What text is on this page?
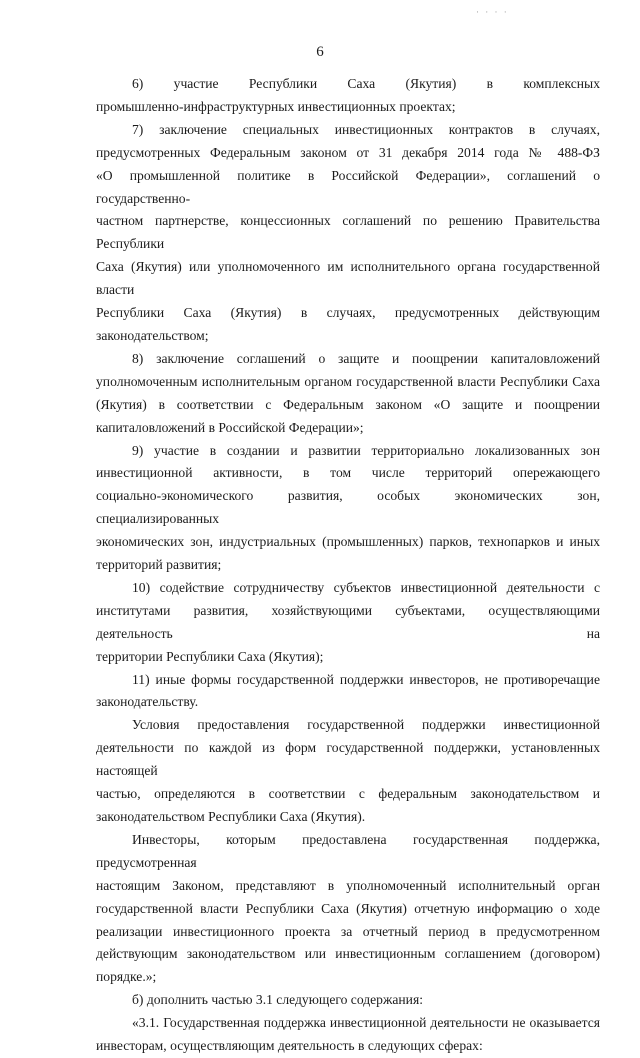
· · · ·
6

6) участие Республики Саха (Якутия) в комплексных
промышленно-инфраструктурных инвестиционных проектах;

7) заключение специальных инвестиционных контрактов в случаях,
предусмотренных Федеральным законом от 31 декабря 2014 года № 488-ФЗ
«О промышленной политике в Российской Федерации», соглашений о государственно-
частном партнерстве, концессионных соглашений по решению Правительства Республики
Саха (Якутия) или уполномоченного им исполнительного органа государственной власти
Республики Саха (Якутия) в случаях, предусмотренных действующим законодательством;

8) заключение соглашений о защите и поощрении капиталовложений
уполномоченным исполнительным органом государственной власти Республики Саха
(Якутия) в соответствии с Федеральным законом «О защите и поощрении
капиталовложений в Российской Федерации»;

9) участие в создании и развитии территориально локализованных зон
инвестиционной активности, в том числе территорий опережающего
социально-экономического развития, особых экономических зон, специализированных
экономических зон, индустриальных (промышленных) парков, технопарков и иных
территорий развития;

10) содействие сотрудничеству субъектов инвестиционной деятельности с
институтами развития, хозяйствующими субъектами, осуществляющими деятельность на
территории Республики Саха (Якутия);

11) иные формы государственной поддержки инвесторов, не противоречащие
законодательству.

Условия предоставления государственной поддержки инвестиционной
деятельности по каждой из форм государственной поддержки, установленных настоящей
частью, определяются в соответствии с федеральным законодательством и
законодательством Республики Саха (Якутия).

Инвесторы, которым предоставлена государственная поддержка, предусмотренная
настоящим Законом, представляют в уполномоченный исполнительный орган
государственной власти Республики Саха (Якутия) отчетную информацию о ходе
реализации инвестиционного проекта за отчетный период в предусмотренном
действующим законодательством или инвестиционным соглашением (договором)
порядке.»;

б) дополнить частью 3.1 следующего содержания:

«3.1. Государственная поддержка инвестиционной деятельности не оказывается
инвесторам, осуществляющим деятельность в следующих сферах:
